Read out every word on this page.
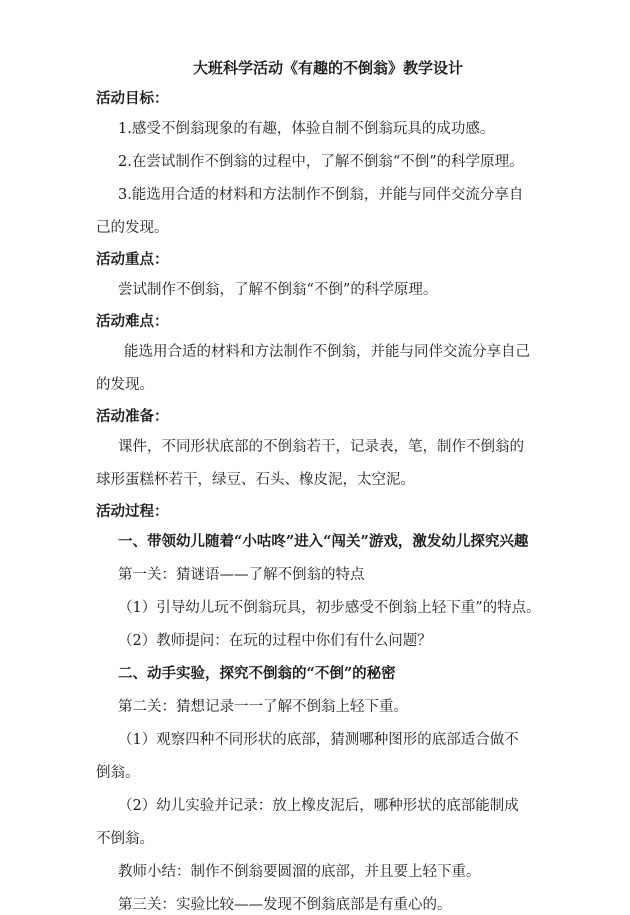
大班科学活动《有趣的不倒翁》教学设计

活动目标：

1.感受不倒翁现象的有趣，体验自制不倒翁玩具的成功感。

2.在尝试制作不倒翁的过程中，了解不倒翁“不倒”的科学原理。

3.能选用合适的材料和方法制作不倒翁，并能与同伴交流分享自

己的发现。

活动重点：

尝试制作不倒翁，了解不倒翁“不倒”的科学原理。

活动难点：

能选用合适的材料和方法制作不倒翁，并能与同伴交流分享自己

的发现。

活动准备：

课件，不同形状底部的不倒翁若干，记录表，笔，制作不倒翁的

球形蛋糕杯若干，绿豆、石头、橡皮泥，太空泥。

活动过程：

一、带领幼儿随着“小咕咚”进入“闯关”游戏，激发幼儿探究兴趣

第一关：猜谜语——了解不倒翁的特点

（1）引导幼儿玩不倒翁玩具，初步感受不倒翁上轻下重”的特点。

（2）教师提问：在玩的过程中你们有什么问题？

二、动手实验，探究不倒翁的“不倒”的秘密

第二关：猜想记录一一了解不倒翁上轻下重。

（1）观察四种不同形状的底部，猜测哪种图形的底部适合做不

倒翁。

（2）幼儿实验并记录：放上橡皮泥后，哪种形状的底部能制成

不倒翁。

教师小结：制作不倒翁要圆溜的底部，并且要上轻下重。

第三关：实验比较——发现不倒翁底部是有重心的。
